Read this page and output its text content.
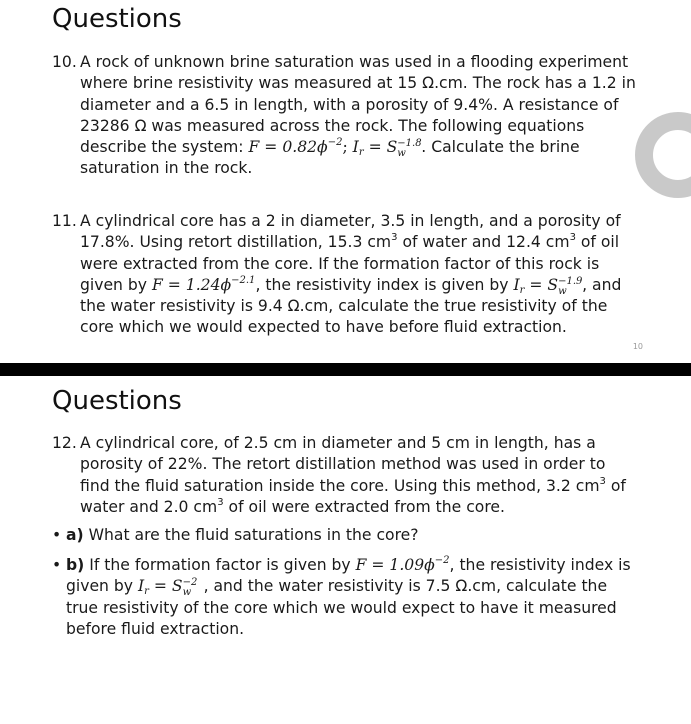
Questions
10. A rock of unknown brine saturation was used in a flooding experiment
where brine resistivity was measured at 15 Ω.cm. The rock has a 1.2 in
diameter and a 6.5 in length, with a porosity of 9.4%. A resistance of
23286 Ω was measured across the rock. The following equations
describe the system: $F = 0.82\phi^{-2}$; $I_r = S -1.8$
w . Calculate the brine
saturation in the rock.
11. A cylindrical core has a 2 in diameter, 3.5 in length, and a porosity of
17.8%. Using retort distillation, 15.3 $cm^3$ of water and 12.4 $cm^3$ of oil
were extracted from the core. If the formation factor of this rock is
given by $F = 1.24\phi^{-2.1}$, the resistivity index is given by $I_r = S -1.9$
w , and
the water resistivity is 9.4 Ω.cm, calculate the true resistivity of the
core which we would expected to have before fluid extraction.
10
Questions
12. A cylindrical core, of 2.5 cm in diameter and 5 cm in length, has a
porosity of 22%. The retort distillation method was used in order to
find the fluid saturation inside the core. Using this method, 3.2 $cm^3$ of
water and 2.0 $cm^3$ of oil were extracted from the core.
• a) What are the fluid saturations in the core?
• b) If the formation factor is given by $F = 1.09\phi^{-2}$, the resistivity index is
given by $I_r = S -2$
w , and the water resistivity is 7.5 Ω.cm, calculate the
true resistivity of the core which we would expect to have it measured
before fluid extraction.
